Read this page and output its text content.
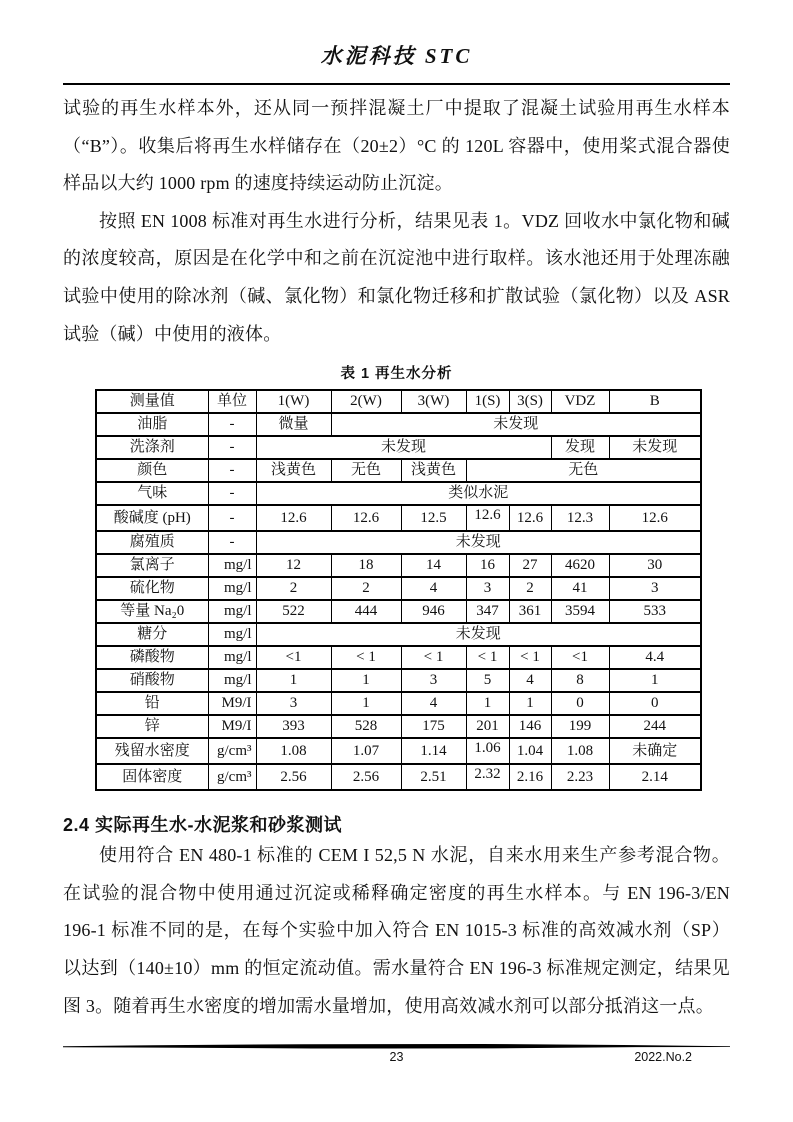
水泥科技 STC

试验的再生水样本外，还从同一预拌混凝土厂中提取了混凝土试验用再生水样本（“B”）。收集后将再生水样储存在（20±2）°C 的 120L 容器中，使用桨式混合器使样品以大约 1000 rpm 的速度持续运动防止沉淀。

按照 EN 1008 标准对再生水进行分析，结果见表 1。VDZ 回收水中氯化物和碱的浓度较高，原因是在化学中和之前在沉淀池中进行取样。该水池还用于处理冻融试验中使用的除冰剂（碱、氯化物）和氯化物迁移和扩散试验（氯化物）以及 ASR 试验（碱）中使用的液体。

表 1 再生水分析
测量值	单位	1(W)	2(W)	3(W)	1(S)	3(S)	VDZ	B
油脂	-	微量	未发现					
洗涤剂	-	未发现					发现	未发现
颜色	-	浅黄色	无色	浅黄色	无色			
气味	-	类似水泥						
酸碱度 (pH)	-	12.6	12.6	12.5	12.6	12.6	12.3	12.6
腐殖质	-	未发现						
氯离子	mg/l	12	18	14	16	27	4620	30
硫化物	mg/l	2	2	4	3	2	41	3
等量 Na₂0	mg/l	522	444	946	347	361	3594	533
糖分	mg/l	未发现						
磷酸物	mg/l	<1	< 1	< 1	< 1	< 1	<1	4.4
硝酸物	mg/l	1	1	3	5	4	8	1
铅	M9/I	3	1	4	1	1	0	0
锌	M9/I	393	528	175	201	146	199	244
残留水密度	g/cm³	1.08	1.07	1.14	1.06	1.04	1.08	未确定
固体密度	g/cm³	2.56	2.56	2.51	2.32	2.16	2.23	2.14
2.4 实际再生水-水泥浆和砂浆测试

使用符合 EN 480-1 标准的 CEM I 52,5 N 水泥，自来水用来生产参考混合物。在试验的混合物中使用通过沉淀或稀释确定密度的再生水样本。与 EN 196-3/EN 196-1 标准不同的是，在每个实验中加入符合 EN 1015-3 标准的高效减水剂（SP）以达到（140±10）mm 的恒定流动值。需水量符合 EN 196-3 标准规定测定，结果见图 3。随着再生水密度的增加需水量增加，使用高效减水剂可以部分抵消这一点。

23	2022.No.2
